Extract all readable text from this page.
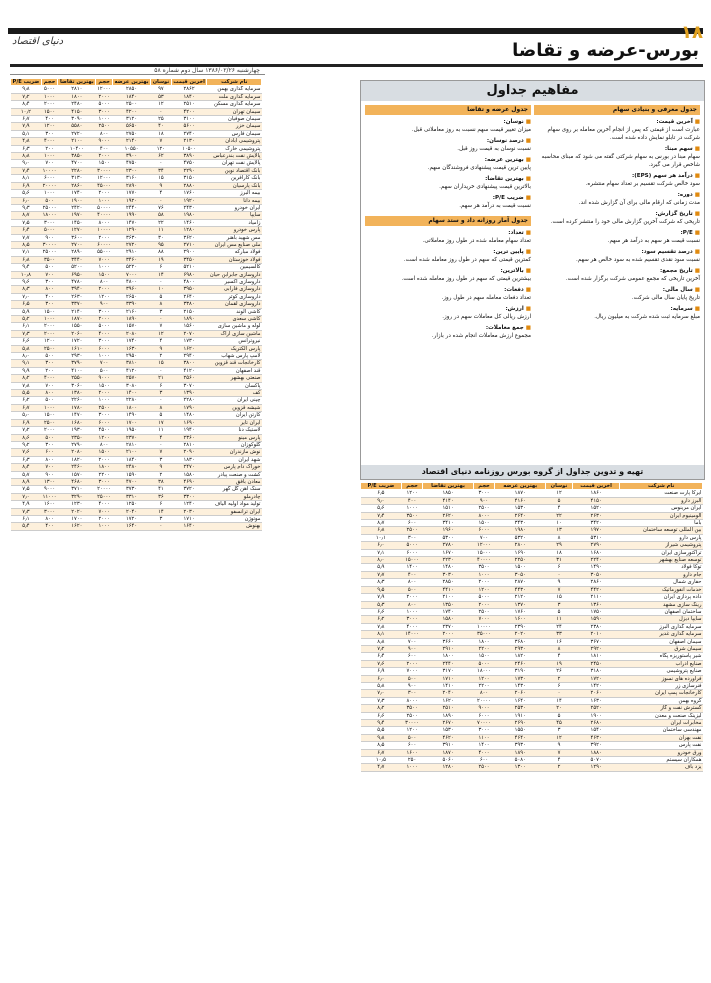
۱۸
دنیای اقتصاد	بورس-عرضه و تقاضا
چهارشنبه ۱۳۸۶/۰۲/۲۶ سال دوم شماره ۵۸
نام شرکت	آخرین قیمت	نوسان	بهترین عرضه	حجم	بهترین تقاضا	حجم	ضریب P/E
سرمایه گذاری بهمن	۲۸۶۲	۹۷	۲۸۵۰	۱۲۰۰۰	۲۸۱۰	۵۰۰۰	۹٫۸
سرمایه گذاری ملت	۱۸۴۰	۵۳	۱۸۴۰	۲۰۰۰	۱۸۰۰	۱۰۰۰	۷٫۲
سرمایه گذاری مسکن	۲۵۱۰	۱۲	۲۵۰۰	۵۰۰۰	۲۴۸۰	۲۰۰۰	۸٫۴
سیمان تهران	۴۲۰۰	۰	۴۲۰۰	۳۰۰۰	۴۱۵۰	۱۵۰۰	۱۰٫۲
سیمان صوفیان	۳۱۰۰	۲۵	۳۱۲۰	۱۰۰۰	۳۰۹۰	۴۰۰	۶٫۷
سیمان خزر	۵۶۰۰	۴۰	۵۶۵۰	۲۵۰۰	۵۵۸۰	۱۲۰۰	۷٫۹
سیمان فارس	۲۷۴۰	۱۸	۲۷۵۰	۸۰۰	۲۷۲۰	۳۰۰	۵٫۱
پتروشیمی آبادان	۲۱۳۰	۷	۲۱۴۰	۹۰۰۰	۲۱۰۰	۴۰۰۰	۴٫۸
پتروشیمی خارک	۱۰۵۰۰	۱۲۰	۱۰۵۵۰	۴۰۰	۱۰۴۰۰	۲۰۰	۶٫۳
پالایش نفت بندرعباس	۳۸۹۰	۶۲	۳۹۰۰	۲۰۰۰	۳۸۵۰	۱۰۰۰	۸٫۸
پالایش نفت تهران	۴۷۵۰	۰	۴۷۵۰	۱۵۰۰	۴۷۰۰	۷۰۰	۹٫۰
بانک اقتصاد نوین	۲۲۹۰	۳۴	۲۳۰۰	۳۰۰۰۰	۲۲۸۰	۱۰۰۰۰	۷٫۴
بانک کارآفرین	۳۱۵۰	۱۵	۳۱۶۰	۱۲۰۰۰	۳۱۳۰	۶۰۰۰	۸٫۱
بانک پارسیان	۲۸۸۰	۹	۲۸۹۰	۴۵۰۰۰	۲۸۶۰	۲۰۰۰۰	۶٫۹
بیمه البرز	۱۷۶۰	۴	۱۷۷۰	۲۰۰۰	۱۷۴۰	۱۰۰۰	۵٫۶
بیمه دانا	۱۹۲۰	۰	۱۹۲۰	۱۰۰۰	۱۹۰۰	۵۰۰	۶٫۰
ایران خودرو	۲۴۳۰	۷۶	۲۴۴۰	۵۰۰۰۰	۲۴۲۰	۲۵۰۰۰	۹٫۳
سایپا	۱۹۸۰	۵۸	۱۹۹۰	۴۰۰۰۰	۱۹۷۰	۱۸۰۰۰	۸٫۷
زامیاد	۱۴۶۰	۲۲	۱۴۷۰	۸۰۰۰	۱۴۵۰	۳۰۰۰	۷٫۵
پارس خودرو	۱۲۸۰	۱۱	۱۲۹۰	۱۰۰۰۰	۱۲۷۰	۵۰۰۰	۶٫۴
مس شهید باهنر	۳۶۲۰	۳۰	۳۶۳۰	۲۰۰۰	۳۶۰۰	۹۰۰	۷٫۷
ملی صنایع مس ایران	۲۷۱۰	۹۵	۲۷۲۰	۶۰۰۰۰	۲۷۰۰	۳۰۰۰۰	۸٫۵
فولاد مبارکه	۲۹۰۰	۸۸	۲۹۱۰	۵۵۰۰۰	۲۸۹۰	۲۵۰۰۰	۷٫۱
فولاد خوزستان	۳۴۵۰	۱۹	۳۴۶۰	۷۰۰۰	۳۴۴۰	۳۵۰۰	۶٫۸
کالسیمین	۵۲۱۰	۶	۵۲۲۰	۱۰۰۰	۵۲۰۰	۵۰۰	۹٫۴
داروسازی جابرابن حیان	۶۹۸۰	۱۴	۷۰۰۰	۱۵۰۰	۶۹۵۰	۷۰۰	۱۰٫۸
داروسازی اکسیر	۴۸۰۰	۰	۴۸۰۰	۸۰۰	۴۷۸۰	۳۰۰	۹٫۶
داروسازی فارابی	۳۹۵۰	۱۰	۳۹۶۰	۲۰۰۰	۳۹۴۰	۸۰۰	۸٫۳
داروسازی کوثر	۲۶۴۰	۵	۲۶۵۰	۱۲۰۰	۲۶۳۰	۴۰۰	۷٫۰
داروسازی لقمان	۳۳۸۰	۸	۳۳۹۰	۹۰۰	۳۳۷۰	۳۰۰	۶٫۵
کاشی الوند	۲۱۵۰	۳	۲۱۶۰	۳۰۰۰	۲۱۴۰	۱۵۰۰	۵٫۹
کاشی سعدی	۱۸۹۰	۰	۱۸۹۰	۲۰۰۰	۱۸۷۰	۱۰۰۰	۵٫۲
لوله و ماشین سازی	۱۵۶۰	۷	۱۵۷۰	۵۰۰۰	۱۵۵۰	۲۰۰۰	۶٫۱
ماشین سازی اراک	۲۰۷۰	۱۲	۲۰۸۰	۴۰۰۰	۲۰۶۰	۲۰۰۰	۷٫۳
نیروترانس	۱۷۳۰	۴	۱۷۴۰	۳۰۰۰	۱۷۲۰	۱۲۰۰	۶٫۶
پارس الکتریک	۱۶۲۰	۹	۱۶۳۰	۶۰۰۰	۱۶۱۰	۲۵۰۰	۵٫۸
لامپ پارس شهاب	۲۹۴۰	۲	۲۹۵۰	۱۰۰۰	۲۹۳۰	۵۰۰	۸٫۰
کارخانجات قند قزوین	۳۸۰۰	۱۵	۳۸۱۰	۷۰۰	۳۷۹۰	۳۰۰	۹٫۱
قند اصفهان	۴۱۲۰	۰	۴۱۲۰	۵۰۰	۴۱۰۰	۲۰۰	۹٫۹
صنعتی بهشهر	۲۵۶۰	۲۱	۲۵۷۰	۹۰۰۰	۲۵۵۰	۴۰۰۰	۸٫۲
پاکسان	۳۰۷۰	۶	۳۰۸۰	۱۵۰۰	۳۰۶۰	۷۰۰	۷٫۸
کف	۱۳۹۰	۳	۱۴۰۰	۲۰۰۰	۱۳۸۰	۸۰۰	۵٫۵
چینی ایران	۲۲۸۰	۰	۲۲۸۰	۱۰۰۰	۲۲۶۰	۵۰۰	۶٫۲
شیشه قزوین	۱۷۹۰	۸	۱۸۰۰	۲۵۰۰	۱۷۸۰	۱۰۰۰	۶٫۷
کارتن ایران	۱۴۸۰	۵	۱۴۹۰	۳۰۰۰	۱۴۷۰	۱۵۰۰	۵٫۰
ایران تایر	۱۶۹۰	۱۷	۱۷۰۰	۶۰۰۰	۱۶۸۰	۲۵۰۰	۶٫۹
لاستیک دنا	۱۹۴۰	۱۱	۱۹۵۰	۴۵۰۰	۱۹۳۰	۲۰۰۰	۷٫۲
پارس مینو	۲۳۶۰	۴	۲۳۷۰	۱۲۰۰	۲۳۵۰	۵۰۰	۸٫۶
گلوکوزان	۲۸۱۰	۰	۲۸۱۰	۸۰۰	۲۷۹۰	۳۰۰	۹٫۲
نوش مازندران	۲۰۹۰	۷	۲۱۰۰	۱۵۰۰	۲۰۸۰	۶۰۰	۷٫۶
شهد ایران	۱۸۳۰	۳	۱۸۴۰	۲۰۰۰	۱۸۲۰	۸۰۰	۶٫۳
خوراک دام پارس	۲۴۷۰	۹	۲۴۸۰	۱۸۰۰	۲۴۶۰	۷۰۰	۸٫۴
کشت و صنعت پیاذر	۱۵۸۰	۲	۱۵۹۰	۲۲۰۰	۱۵۷۰	۹۰۰	۵٫۷
معادن بافق	۴۶۹۰	۳۸	۴۷۰۰	۳۰۰۰	۴۶۸۰	۱۳۰۰	۸٫۹
سنگ آهن گل گهر	۳۷۲۰	۴۱	۳۷۳۰	۲۰۰۰۰	۳۷۱۰	۹۰۰۰	۷٫۵
چادرملو	۳۳۰۰	۳۶	۳۳۱۰	۲۵۰۰۰	۳۲۹۰	۱۱۰۰۰	۷٫۰
تولید مواد اولیه الیاف	۱۲۴۰	۶	۱۲۵۰	۴۰۰۰	۱۲۳۰	۱۶۰۰	۴٫۹
ایران ترانسفو	۲۰۳۰	۱۴	۲۰۴۰	۷۰۰۰	۲۰۲۰	۳۰۰۰	۷٫۳
موتوژن	۱۷۱۰	۳	۱۷۲۰	۲۰۰۰	۱۷۰۰	۸۰۰	۶٫۱
بهنوش	۱۶۴۰	۰	۱۶۴۰	۱۰۰۰	۱۶۲۰	۴۰۰	۵٫۴
مفاهیم جداول
جدول معرفی و بنیادی سهام
■ آخرین قیمت:
عبارت است از قیمتی که پس از انجام آخرین معامله بر روی سهام شرکت در تابلو نمایش داده شده است.
■ سهم مبنا:
سهام مبنا در بورس به سهام شرکتی گفته می شود که مبنای محاسبه شاخص قرار می گیرد.
■ درآمد هر سهم (EPS):
سود خالص شرکت تقسیم بر تعداد سهام منتشره.
■ دوره:
مدت زمانی که ارقام مالی برای آن گزارش شده اند.
■ تاریخ گزارش:
تاریخی که شرکت آخرین گزارش مالی خود را منتشر کرده است.
■ P/E:
نسبت قیمت هر سهم به درآمد هر سهم.
■ درصد تقسیم سود:
نسبت سود نقدی تقسیم شده به سود خالص هر سهم.
■ تاریخ مجمع:
آخرین تاریخی که مجمع عمومی شرکت برگزار شده است.
■ سال مالی:
تاریخ پایان سال مالی شرکت.
■ سرمایه:
مبلغ سرمایه ثبت شده شرکت به میلیون ریال.
جدول عرضه و تقاضا
■ نوسان:
میزان تغییر قیمت سهم نسبت به روز معاملاتی قبل.
■ درصد نوسان:
نسبت نوسان به قیمت روز قبل.
■ بهترین عرضه:
پایین ترین قیمت پیشنهادی فروشندگان سهم.
■ بهترین تقاضا:
بالاترین قیمت پیشنهادی خریداران سهم.
■ ضریب P/E:
نسبت قیمت به درآمد هر سهم.
جدول آمار روزانه داد و ستد سهام
■ تعداد:
تعداد سهام معامله شده در طول روز معاملاتی.
■ پایین ترین:
کمترین قیمتی که سهم در طول روز معامله شده است.
■ بالاترین:
بیشترین قیمتی که سهم در طول روز معامله شده است.
■ دفعات:
تعداد دفعات معامله سهم در طول روز.
■ ارزش:
ارزش ریالی کل معاملات سهم در روز.
■ جمع معاملات:
مجموع ارزش معاملات انجام شده در بازار.
تهیه و تدوین جداول از گروه بورس روزنامه دنیای اقتصاد
نام شرکت	آخرین قیمت	نوسان	بهترین عرضه	حجم	بهترین تقاضا	حجم	ضریب P/E
ایرکا پارت صنعت	۱۸۶۰	۱۲	۱۸۷۰	۳۰۰۰	۱۸۵۰	۱۲۰۰	۶٫۵
البرز دارو	۴۱۵۰	۵	۴۱۶۰	۹۰۰	۴۱۴۰	۴۰۰	۹٫۰
ایران مرینوس	۱۵۲۰	۴	۱۵۳۰	۲۵۰۰	۱۵۱۰	۱۰۰۰	۵٫۶
آلومینیوم ایران	۲۶۳۰	۲۲	۲۶۴۰	۸۰۰۰	۲۶۲۰	۳۵۰۰	۷٫۴
باما	۳۴۲۰	۱۰	۳۴۳۰	۱۵۰۰	۳۴۱۰	۶۰۰	۸٫۷
بین المللی توسعه ساختمان	۱۹۷۰	۱۳	۱۹۸۰	۶۰۰۰	۱۹۶۰	۲۵۰۰	۶٫۸
پارس دارو	۵۳۱۰	۸	۵۳۲۰	۷۰۰	۵۳۰۰	۳۰۰	۱۰٫۱
پتروشیمی شیراز	۲۷۹۰	۲۹	۲۸۰۰	۱۲۰۰۰	۲۷۸۰	۵۰۰۰	۶٫۰
تراکتورسازی ایران	۱۶۸۰	۱۸	۱۶۹۰	۱۵۰۰۰	۱۶۷۰	۶۰۰۰	۷٫۱
توسعه صنایع بهشهر	۲۲۴۰	۳۱	۲۲۵۰	۴۰۰۰۰	۲۲۳۰	۱۵۰۰۰	۸٫۰
توکا فولاد	۱۴۹۰	۶	۱۵۰۰	۳۵۰۰	۱۴۸۰	۱۴۰۰	۵٫۹
جام دارو	۳۰۵۰	۰	۳۰۵۰	۱۰۰۰	۳۰۳۰	۴۰۰	۷٫۷
حفاری شمال	۲۸۶۰	۹	۲۸۷۰	۲۰۰۰	۲۸۵۰	۸۰۰	۸٫۳
خدمات انفورماتیک	۴۴۲۰	۷	۴۴۳۰	۱۲۰۰	۴۴۱۰	۵۰۰	۹٫۵
داده پردازی ایران	۲۱۱۰	۱۵	۲۱۲۰	۵۰۰۰	۲۱۰۰	۲۰۰۰	۷٫۹
رینگ سازی مشهد	۱۳۶۰	۳	۱۳۷۰	۲۰۰۰	۱۳۵۰	۸۰۰	۵٫۳
ساختمان اصفهان	۱۷۵۰	۵	۱۷۶۰	۲۵۰۰	۱۷۴۰	۱۰۰۰	۶٫۶
سایپا دیزل	۱۵۹۰	۱۱	۱۶۰۰	۷۰۰۰	۱۵۸۰	۳۰۰۰	۶٫۲
سرمایه گذاری البرز	۲۳۸۰	۲۴	۲۳۹۰	۱۰۰۰۰	۲۳۷۰	۴۰۰۰	۷٫۸
سرمایه گذاری غدیر	۲۰۱۰	۳۳	۲۰۲۰	۳۵۰۰۰	۲۰۰۰	۱۴۰۰۰	۸٫۱
سیمان اصفهان	۳۶۷۰	۱۶	۳۶۸۰	۱۸۰۰	۳۶۶۰	۷۰۰	۸٫۸
سیمان شرق	۲۹۲۰	۸	۲۹۳۰	۲۲۰۰	۲۹۱۰	۹۰۰	۷٫۲
شیر پاستوریزه پگاه	۱۸۱۰	۴	۱۸۲۰	۱۵۰۰	۱۸۰۰	۶۰۰	۶٫۴
صنایع آذرآب	۲۴۵۰	۱۹	۲۴۶۰	۵۰۰۰	۲۴۴۰	۲۰۰۰	۷٫۶
صنایع پتروشیمی	۳۱۸۰	۲۶	۳۱۹۰	۱۸۰۰۰	۳۱۷۰	۷۰۰۰	۶٫۹
فرآورده های نسوز	۱۷۲۰	۲	۱۷۳۰	۱۲۰۰	۱۷۱۰	۵۰۰	۶٫۰
فنرسازی زر	۱۴۲۰	۶	۱۴۳۰	۲۲۰۰	۱۴۱۰	۹۰۰	۵٫۸
کارخانجات پمپ ایران	۲۰۶۰	۰	۲۰۶۰	۸۰۰	۲۰۴۰	۳۰۰	۷٫۰
گروه بهمن	۱۶۳۰	۱۴	۱۶۴۰	۲۰۰۰۰	۱۶۲۰	۸۰۰۰	۷٫۳
گسترش نفت و گاز	۲۵۲۰	۲۰	۲۵۳۰	۹۰۰۰	۲۵۱۰	۳۵۰۰	۸٫۲
لیزینگ صنعت و معدن	۱۹۰۰	۵	۱۹۱۰	۶۰۰۰	۱۸۹۰	۲۵۰۰	۶٫۶
مخابرات ایران	۲۶۸۰	۴۵	۲۶۹۰	۷۰۰۰۰	۲۶۷۰	۳۰۰۰۰	۹٫۴
مهندسی ساختمان	۱۵۴۰	۳	۱۵۵۰	۳۰۰۰	۱۵۳۰	۱۲۰۰	۵٫۵
نفت بهران	۴۶۳۰	۱۲	۴۶۴۰	۱۱۰۰	۴۶۲۰	۵۰۰	۹٫۸
نفت پارس	۳۹۲۰	۹	۳۹۳۰	۱۴۰۰	۳۹۱۰	۶۰۰	۸٫۵
ورق خودرو	۱۸۸۰	۷	۱۸۹۰	۴۰۰۰	۱۸۷۰	۱۶۰۰	۶٫۷
همکاران سیستم	۵۰۷۰	۴	۵۰۸۰	۶۰۰	۵۰۶۰	۲۵۰	۱۰٫۵
یزد باف	۱۲۹۰	۲	۱۳۰۰	۲۵۰۰	۱۲۸۰	۱۰۰۰	۴٫۷
